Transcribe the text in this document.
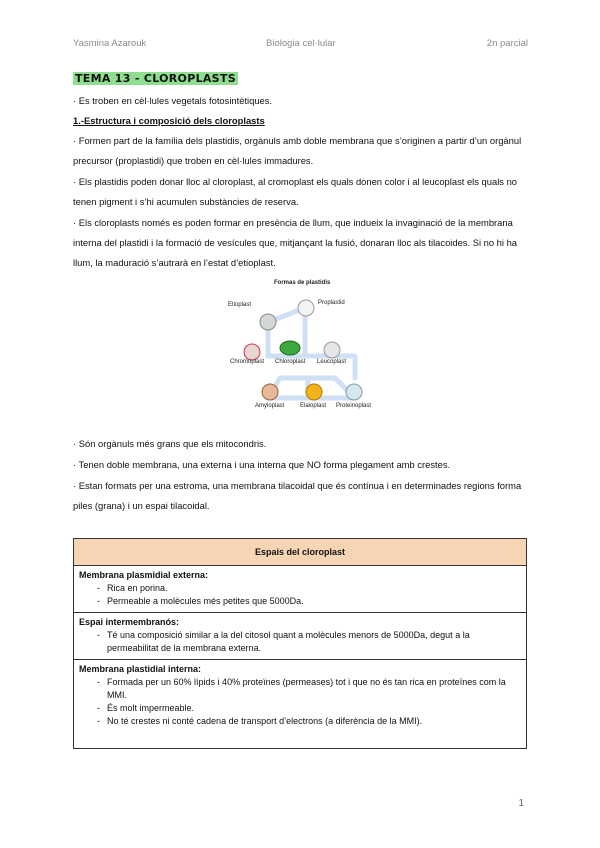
Yasmina Azarouk	Biologia cel·lular	2n parcial
TEMA 13 - CLOROPLASTS

· Es troben en cèl·lules vegetals fotosintètiques.

1.-Estructura i composició dels cloroplasts

· Formen part de la família dels plastidis, orgànuls amb doble membrana que s’originen a partir d’un orgànul precursor (proplastidi) que troben en cèl·lules immadures.

· Els plastidis poden donar lloc al cloroplast, al cromoplast els quals donen color i al leucoplast els quals no tenen pigment i s’hi acumulen substàncies de reserva.

· Els cloroplasts només es poden formar en presència de llum, que indueix la invaginació de la membrana interna del plastidi i la formació de vesícules que, mitjançant la fusió, donaran lloc als tilacoides. Si no hi ha llum, la maduració s’autrarà en l’estat d’etioplast.

Formas de plastidis
Etioplast	Proplastid
Chromoplast Chloroplast Leucoplast
Amyloplast	Elaioplast Proteinoplast

· Són orgànuls més grans que els mitocondris.

· Tenen doble membrana, una externa i una interna que NO forma plegament amb crestes.

· Estan formats per una estroma, una membrana tilacoidal que és contínua i en determinades regions forma piles (grana) i un espai tilacoidal.

Espais del cloroplast

Membrana plasmidial externa:
- Rica en porina.
- Permeable a molècules més petites que 5000Da.

Espai intermembranós:
- Té una composició similar a la del citosol quant a molècules menors de 5000Da, degut a la permeabilitat de la membrana externa.

Membrana plastidial interna:
- Formada per un 60% lípids i 40% proteïnes (permeases) tot i que no és tan rica en proteïnes com la MMI.
- És molt impermeable.
- No té crestes ni conté cadena de transport d’electrons (a diferència de la MMI).
1
